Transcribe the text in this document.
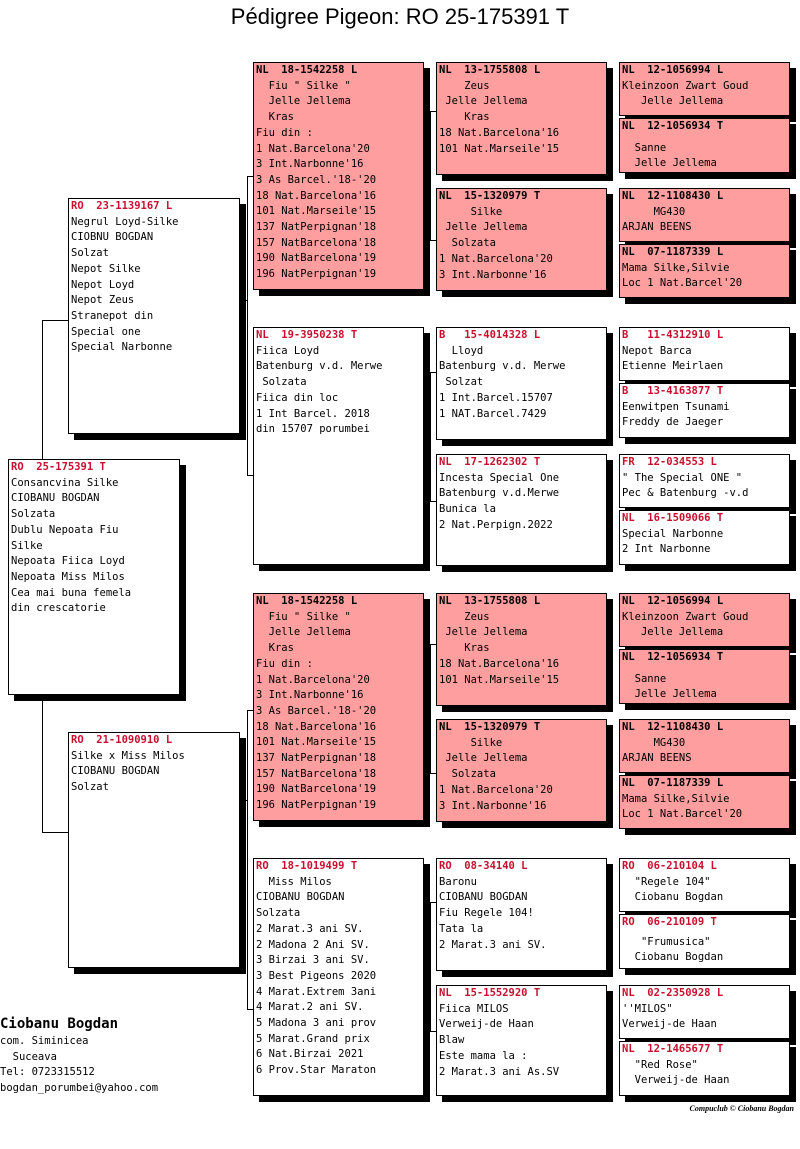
Pédigree Pigeon: RO 25-175391 T
RO  25-175391 T
Consancvina Silke
CIOBANU BOGDAN
Solzata
Dublu Nepoata Fiu
Silke
Nepoata Fiica Loyd
Nepoata Miss Milos
Cea mai buna femela
din crescatorie
RO  23-1139167 L
Negrul Loyd-Silke
CIOBNU BOGDAN
Solzat
Nepot Silke
Nepot Loyd
Nepot Zeus
Stranepot din
Special one
Special Narbonne
RO  21-1090910 L
Silke x Miss Milos
CIOBANU BOGDAN
Solzat
NL  18-1542258 L
Fiu " Silke "
Jelle Jellema
Kras
Fiu din :
1 Nat.Barcelona'20
3 Int.Narbonne'16
3 As Barcel.'18-'20
18 Nat.Barcelona'16
101 Nat.Marseile'15
137 NatPerpignan'18
157 NatBarcelona'18
190 NatBarcelona'19
196 NatPerpignan'19
NL  19-3950238 T
Fiica Loyd
Batenburg v.d. Merwe
Solzata
Fiica din loc
1 Int Barcel. 2018
din 15707 porumbei
NL  18-1542258 L
Fiu " Silke "
Jelle Jellema
Kras
Fiu din :
1 Nat.Barcelona'20
3 Int.Narbonne'16
3 As Barcel.'18-'20
18 Nat.Barcelona'16
101 Nat.Marseile'15
137 NatPerpignan'18
157 NatBarcelona'18
190 NatBarcelona'19
196 NatPerpignan'19
RO  18-1019499 T
Miss Milos
CIOBANU BOGDAN
Solzata
2 Marat.3 ani SV.
2 Madona 2 Ani SV.
3 Birzai 3 ani SV.
3 Best Pigeons 2020
4 Marat.Extrem 3ani
4 Marat.2 ani SV.
5 Madona 3 ani prov
5 Marat.Grand prix
6 Nat.Birzai 2021
6 Prov.Star Maraton
NL  13-1755808 L
Zeus
Jelle Jellema
Kras
18 Nat.Barcelona'16
101 Nat.Marseile'15
NL  15-1320979 T
Silke
Jelle Jellema
Solzata
1 Nat.Barcelona'20
3 Int.Narbonne'16
B   15-4014328 L
Lloyd
Batenburg v.d. Merwe
Solzat
1 Int.Barcel.15707
1 NAT.Barcel.7429
NL  17-1262302 T
Incesta Special One
Batenburg v.d.Merwe
Bunica la
2 Nat.Perpign.2022
NL  13-1755808 L
Zeus
Jelle Jellema
Kras
18 Nat.Barcelona'16
101 Nat.Marseile'15
NL  15-1320979 T
Silke
Jelle Jellema
Solzata
1 Nat.Barcelona'20
3 Int.Narbonne'16
RO  08-34140 L
Baronu
CIOBANU BOGDAN
Fiu Regele 104!
Tata la
2 Marat.3 ani SV.
NL  15-1552920 T
Fiica MILOS
Verweij-de Haan
Blaw
Este mama la :
2 Marat.3 ani As.SV
NL  12-1056994 L
Kleinzoon Zwart Goud
Jelle Jellema
NL  12-1056934 T
Sanne
Jelle Jellema
NL  12-1108430 L
MG430
ARJAN BEENS
NL  07-1187339 L
Mama Silke,Silvie
Loc 1 Nat.Barcel'20
B   11-4312910 L
Nepot Barca
Etienne Meirlaen
B   13-4163877 T
Eenwitpen Tsunami
Freddy de Jaeger
FR  12-034553 L
" The Special ONE "
Pec & Batenburg -v.d
NL  16-1509066 T
Special Narbonne
2 Int Narbonne
NL  12-1056994 L
Kleinzoon Zwart Goud
Jelle Jellema
NL  12-1056934 T
Sanne
Jelle Jellema
NL  12-1108430 L
MG430
ARJAN BEENS
NL  07-1187339 L
Mama Silke,Silvie
Loc 1 Nat.Barcel'20
RO  06-210104 L
"Regele 104"
Ciobanu Bogdan
RO  06-210109 T
"Frumusica"
Ciobanu Bogdan
NL  02-2350928 L
''MILOS"
Verweij-de Haan
NL  12-1465677 T
"Red Rose"
Verweij-de Haan
Ciobanu Bogdan
com. Siminicea
Suceava
Tel: 0723315512
bogdan_porumbei@yahoo.com
Compuclub © Ciobanu Bogdan
